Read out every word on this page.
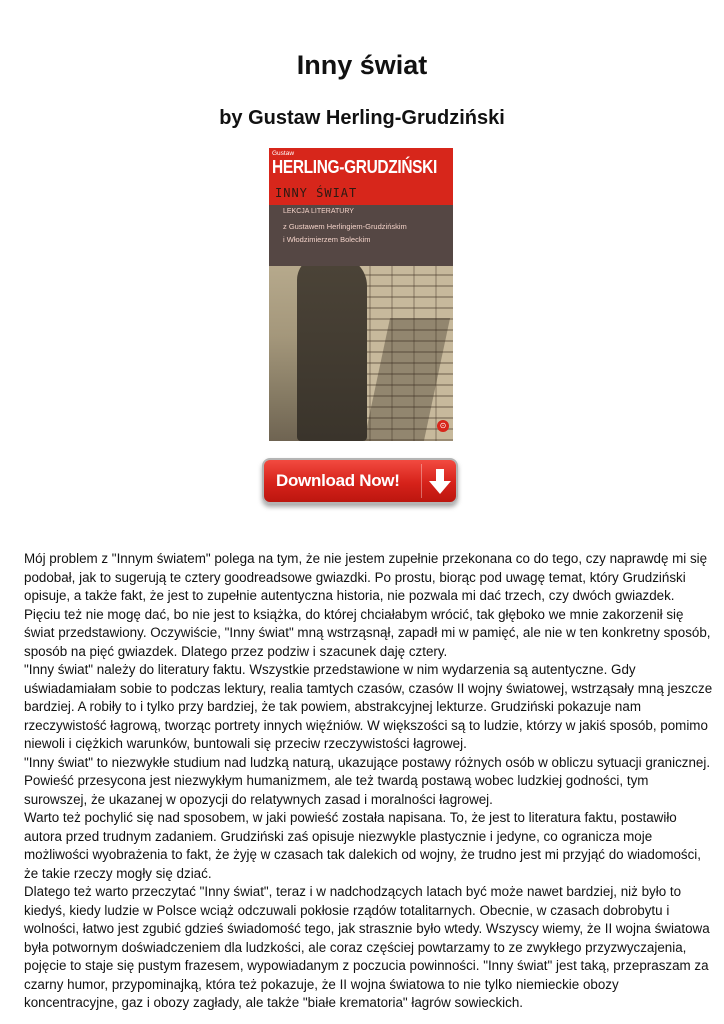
Inny świat
by Gustaw Herling-Grudziński
Gustaw
HERLING-GRUDZIŃSKI
INNY ŚWIAT
LEKCJA LITERATURY
z Gustawem Herlingiem-Grudzińskim
i Włodzimierzem Boleckim
⊙
Download Now!

Mój problem z "Innym światem" polega na tym, że nie jestem zupełnie przekonana co do tego, czy naprawdę mi się podobał, jak to sugerują te cztery goodreadsowe gwiazdki. Po prostu, biorąc pod uwagę temat, który Grudziński opisuje, a także fakt, że jest to zupełnie autentyczna historia, nie pozwala mi dać trzech, czy dwóch gwiazdek. Pięciu też nie mogę dać, bo nie jest to książka, do której chciałabym wrócić, tak głęboko we mnie zakorzenił się świat przedstawiony. Oczywiście, "Inny świat" mną wstrząsnął, zapadł mi w pamięć, ale nie w ten konkretny sposób, sposób na pięć gwiazdek. Dlatego przez podziw i szacunek daję cztery.

"Inny świat" należy do literatury faktu. Wszystkie przedstawione w nim wydarzenia są autentyczne. Gdy uświadamiałam sobie to podczas lektury, realia tamtych czasów, czasów II wojny światowej, wstrząsały mną jeszcze bardziej. A robiły to i tylko przy bardziej, że tak powiem, abstrakcyjnej lekturze. Grudziński pokazuje nam rzeczywistość łagrową, tworząc portrety innych więźniów. W większości są to ludzie, którzy w jakiś sposób, pomimo niewoli i ciężkich warunków, buntowali się przeciw rzeczywistości łagrowej.

"Inny świat" to niezwykłe studium nad ludzką naturą, ukazujące postawy różnych osób w obliczu sytuacji granicznej. Powieść przesycona jest niezwykłym humanizmem, ale też twardą postawą wobec ludzkiej godności, tym surowszej, że ukazanej w opozycji do relatywnych zasad i moralności łagrowej.

Warto też pochylić się nad sposobem, w jaki powieść została napisana. To, że jest to literatura faktu, postawiło autora przed trudnym zadaniem. Grudziński zaś opisuje niezwykle plastycznie i jedyne, co ogranicza moje możliwości wyobrażenia to fakt, że żyję w czasach tak dalekich od wojny, że trudno jest mi przyjąć do wiadomości, że takie rzeczy mogły się dziać.

Dlatego też warto przeczytać "Inny świat", teraz i w nadchodzących latach być może nawet bardziej, niż było to kiedyś, kiedy ludzie w Polsce wciąż odczuwali pokłosie rządów totalitarnych. Obecnie, w czasach dobrobytu i wolności, łatwo jest zgubić gdzieś świadomość tego, jak strasznie było wtedy. Wszyscy wiemy, że II wojna światowa była potwornym doświadczeniem dla ludzkości, ale coraz częściej powtarzamy to ze zwykłego przyzwyczajenia, pojęcie to staje się pustym frazesem, wypowiadanym z poczucia powinności. "Inny świat" jest taką, przepraszam za czarny humor, przypominajką, która też pokazuje, że II wojna światowa to nie tylko niemieckie obozy koncentracyjne, gaz i obozy zagłady, ale także "białe krematoria" łagrów sowieckich.
